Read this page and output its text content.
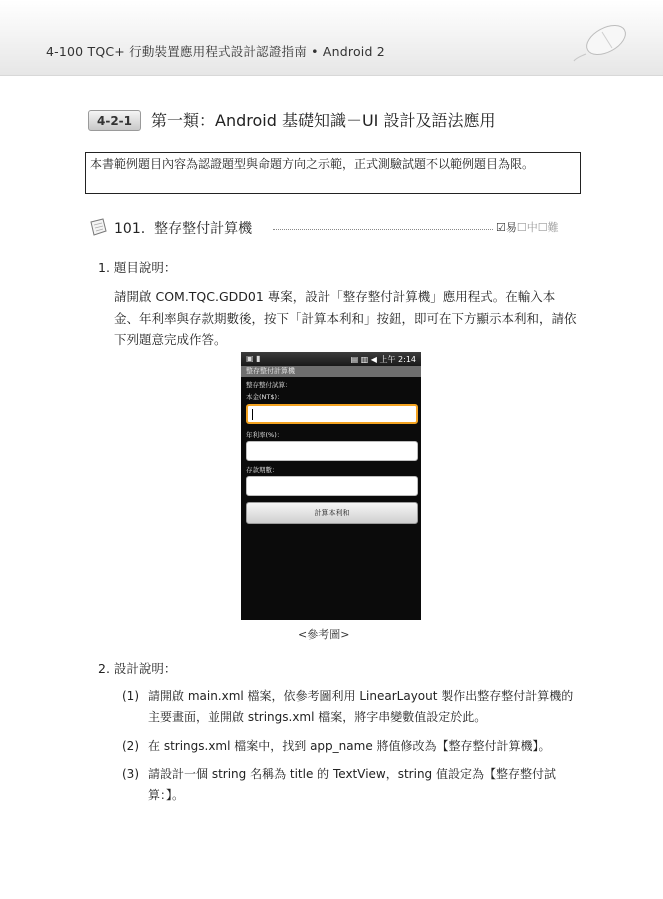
4-100 TQC+ 行動裝置應用程式設計認證指南 • Android 2
4-2-1	第一類：Android 基礎知識－UI 設計及語法應用
本書範例題目內容為認證題型與命題方向之示範，正式測驗試題不以範例題目為限。
101. 整存整付計算機	☑易☐中☐難
1. 題目說明：
請開啟 COM.TQC.GDD01 專案，設計「整存整付計算機」應用程式。在輸入本金、年利率與存款期數後，按下「計算本利和」按鈕，即可在下方顯示本利和，請依下列題意完成作答。
▣ ▮	▤ ▥ ◀ 上午 2:14
整存整付計算機
整存整付試算：
本金(NT$)：
年利率(%)：
存款期數：
計算本利和
<參考圖>
2. 設計說明：
(1) 請開啟 main.xml 檔案，依參考圖利用 LinearLayout 製作出整存整付計算機的主要畫面，並開啟 strings.xml 檔案，將字串變數值設定於此。
(2) 在 strings.xml 檔案中，找到 app_name 將值修改為【整存整付計算機】。
(3) 請設計一個 string 名稱為 title 的 TextView，string 值設定為【整存整付試算：】。
